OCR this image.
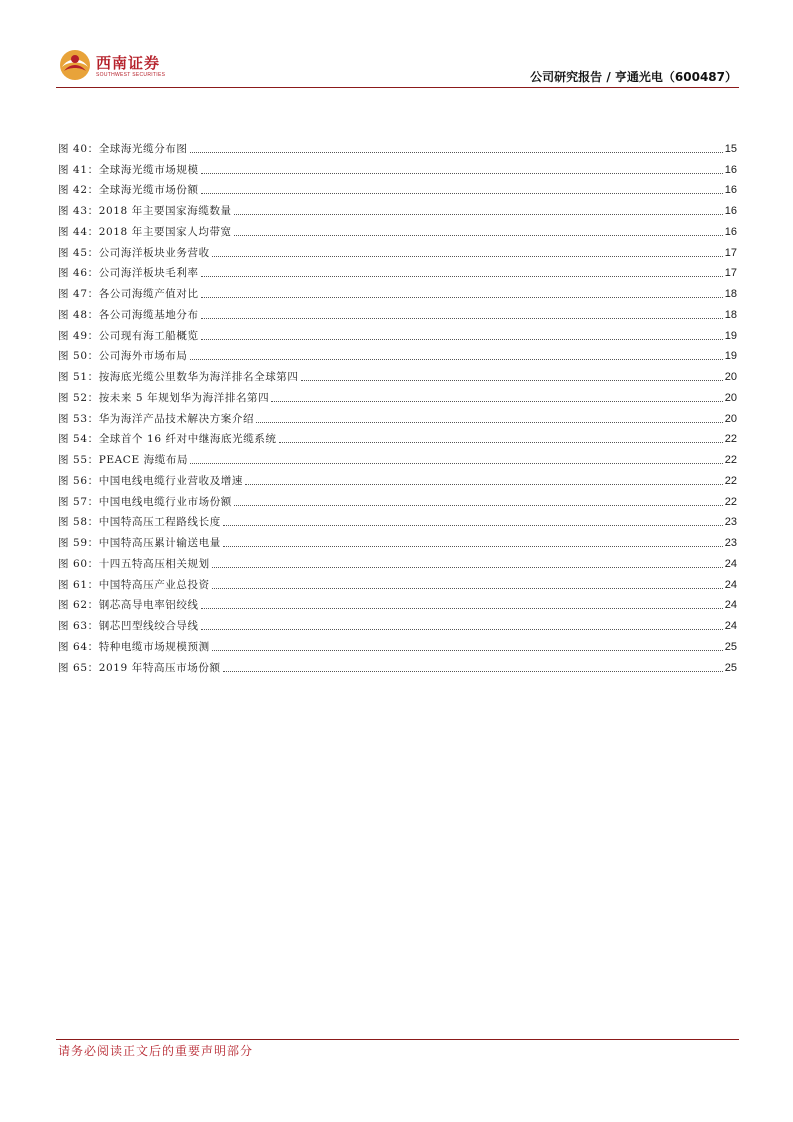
西南证券
SOUTHWEST SECURITIES	公司研究报告 / 亨通光电（600487）
图 40：全球海光缆分布图	15
图 41：全球海光缆市场规模	16
图 42：全球海光缆市场份额	16
图 43：2018 年主要国家海缆数量	16
图 44：2018 年主要国家人均带宽	16
图 45：公司海洋板块业务营收	17
图 46：公司海洋板块毛利率	17
图 47：各公司海缆产值对比	18
图 48：各公司海缆基地分布	18
图 49：公司现有海工船概览	19
图 50：公司海外市场布局	19
图 51：按海底光缆公里数华为海洋排名全球第四	20
图 52：按未来 5 年规划华为海洋排名第四	20
图 53：华为海洋产品技术解决方案介绍	20
图 54：全球首个 16 纤对中继海底光缆系统	22
图 55：PEACE 海缆布局	22
图 56：中国电线电缆行业营收及增速	22
图 57：中国电线电缆行业市场份额	22
图 58：中国特高压工程路线长度	23
图 59：中国特高压累计输送电量	23
图 60：十四五特高压相关规划	24
图 61：中国特高压产业总投资	24
图 62：钢芯高导电率铝绞线	24
图 63：钢芯凹型线绞合导线	24
图 64：特种电缆市场规模预测	25
图 65：2019 年特高压市场份额	25
请务必阅读正文后的重要声明部分
